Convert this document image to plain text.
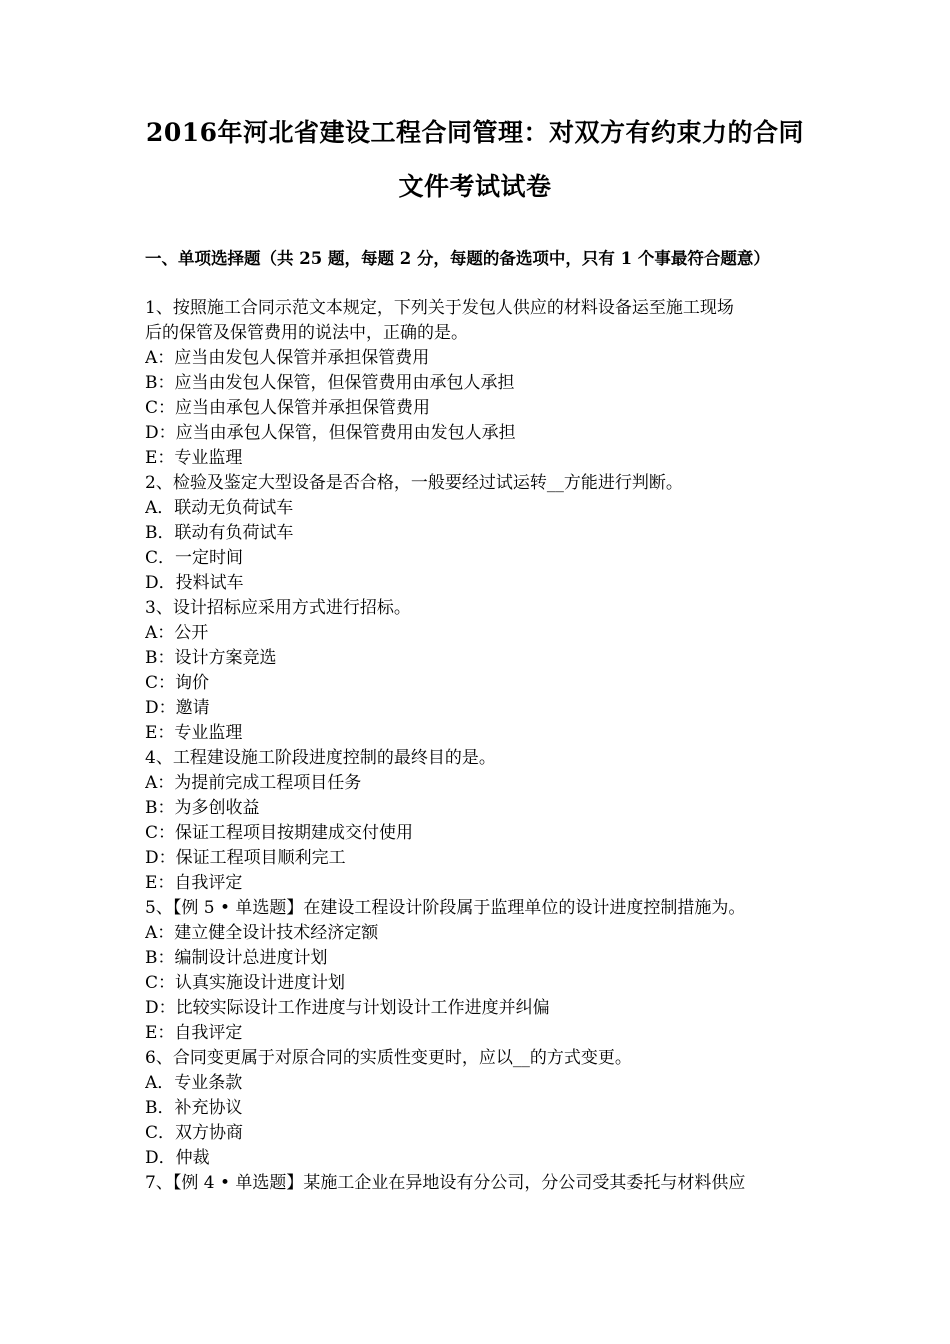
2016年河北省建设工程合同管理：对双方有约束力的合同
文件考试试卷
一、单项选择题（共 25 题，每题 2 分，每题的备选项中，只有 1 个事最符合题意）
1、按照施工合同示范文本规定，下列关于发包人供应的材料设备运至施工现场
后的保管及保管费用的说法中，正确的是。
A：应当由发包人保管并承担保管费用
B：应当由发包人保管，但保管费用由承包人承担
C：应当由承包人保管并承担保管费用
D：应当由承包人保管，但保管费用由发包人承担
E：专业监理
2、检验及鉴定大型设备是否合格，一般要经过试运转__方能进行判断。
A．联动无负荷试车
B．联动有负荷试车
C．一定时间
D．投料试车
3、设计招标应采用方式进行招标。
A：公开
B：设计方案竞选
C：询价
D：邀请
E：专业监理
4、工程建设施工阶段进度控制的最终目的是。
A：为提前完成工程项目任务
B：为多创收益
C：保证工程项目按期建成交付使用
D：保证工程项目顺利完工
E：自我评定
5、【例 5 • 单选题】在建设工程设计阶段属于监理单位的设计进度控制措施为。
A：建立健全设计技术经济定额
B：编制设计总进度计划
C：认真实施设计进度计划
D：比较实际设计工作进度与计划设计工作进度并纠偏
E：自我评定
6、合同变更属于对原合同的实质性变更时，应以__的方式变更。
A．专业条款
B．补充协议
C．双方协商
D．仲裁
7、【例 4 • 单选题】某施工企业在异地设有分公司，分公司受其委托与材料供应
